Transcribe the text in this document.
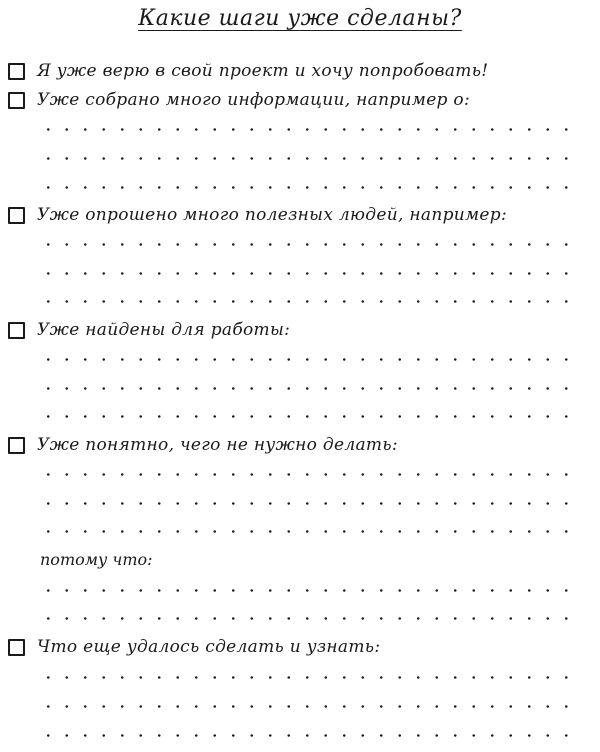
Какие шаги уже сделаны?
Я уже верю в свой проект и хочу попробовать!
Уже собрано много информации, например о:
Уже опрошено много полезных людей, например:
Уже найдены для работы:
Уже понятно, чего не нужно делать:
потому что:
Что еще удалось сделать и узнать:
